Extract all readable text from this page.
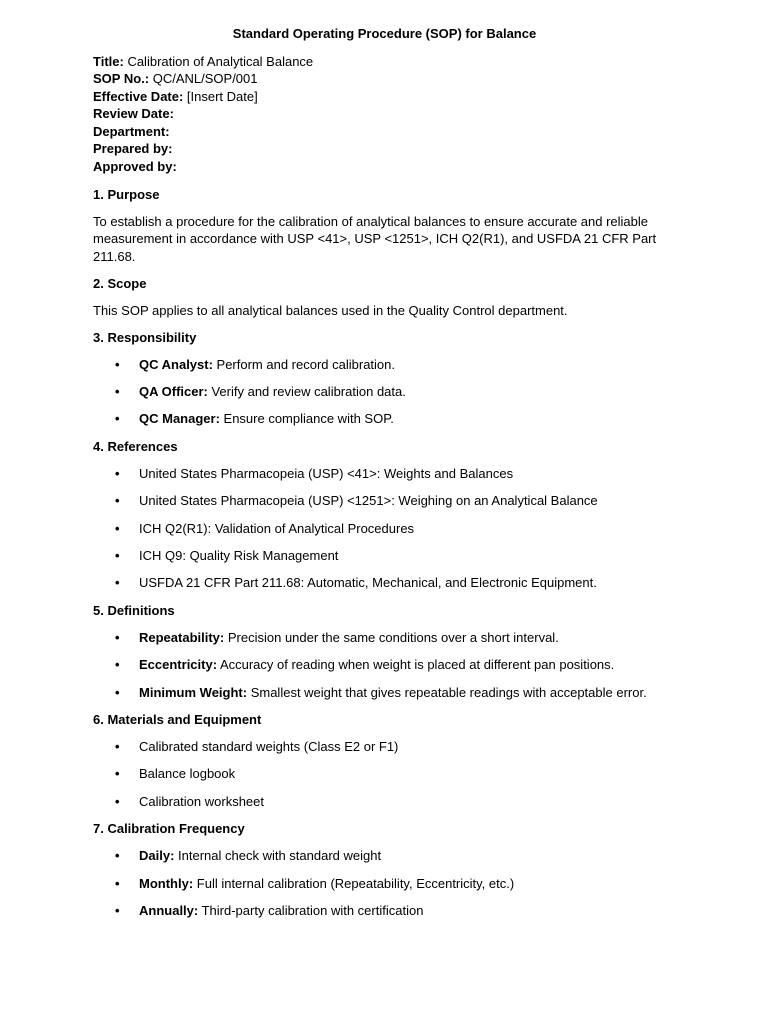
Standard Operating Procedure (SOP) for Balance
Title: Calibration of Analytical Balance
SOP No.: QC/ANL/SOP/001
Effective Date: [Insert Date]
Review Date:
Department:
Prepared by:
Approved by:
1. Purpose
To establish a procedure for the calibration of analytical balances to ensure accurate and reliable measurement in accordance with USP <41>, USP <1251>, ICH Q2(R1), and USFDA 21 CFR Part 211.68.
2. Scope
This SOP applies to all analytical balances used in the Quality Control department.
3. Responsibility
• QC Analyst: Perform and record calibration.
• QA Officer: Verify and review calibration data.
• QC Manager: Ensure compliance with SOP.
4. References
• United States Pharmacopeia (USP) <41>: Weights and Balances
• United States Pharmacopeia (USP) <1251>: Weighing on an Analytical Balance
• ICH Q2(R1): Validation of Analytical Procedures
• ICH Q9: Quality Risk Management
• USFDA 21 CFR Part 211.68: Automatic, Mechanical, and Electronic Equipment.
5. Definitions
• Repeatability: Precision under the same conditions over a short interval.
• Eccentricity: Accuracy of reading when weight is placed at different pan positions.
• Minimum Weight: Smallest weight that gives repeatable readings with acceptable error.
6. Materials and Equipment
• Calibrated standard weights (Class E2 or F1)
• Balance logbook
• Calibration worksheet
7. Calibration Frequency
• Daily: Internal check with standard weight
• Monthly: Full internal calibration (Repeatability, Eccentricity, etc.)
• Annually: Third-party calibration with certification
